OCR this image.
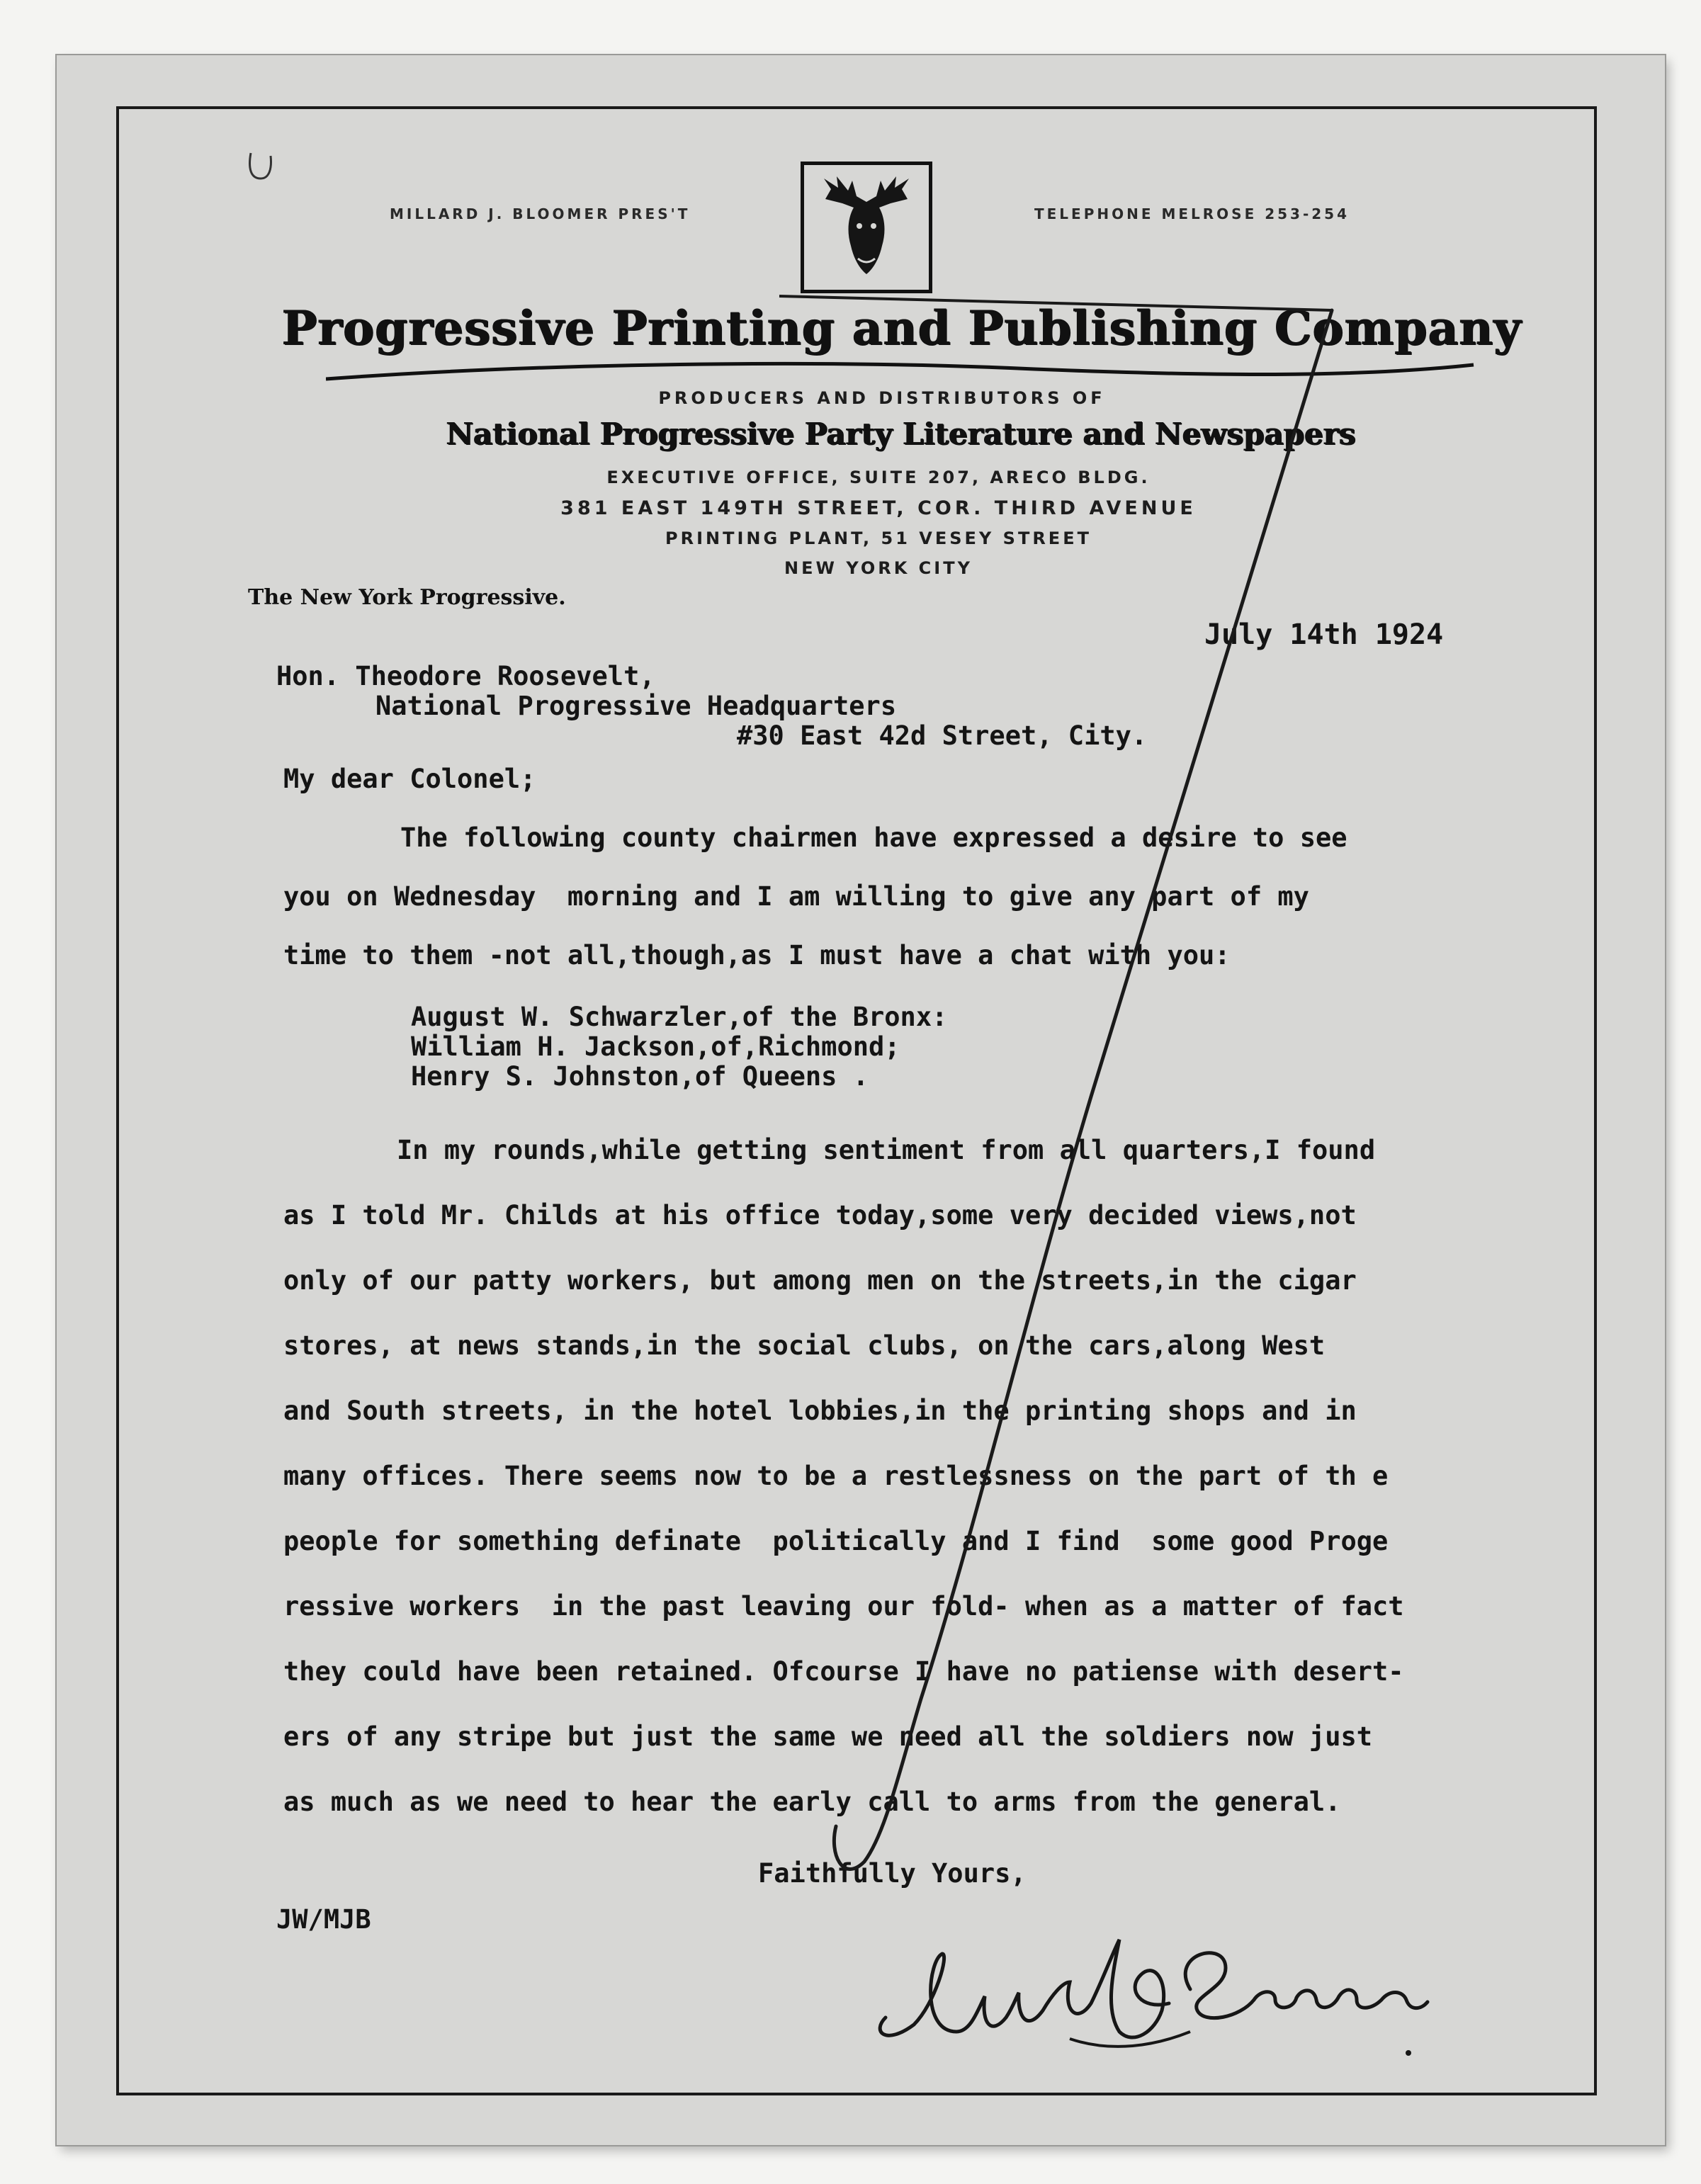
MILLARD J. BLOOMER PRES'T	TELEPHONE MELROSE 253-254
Progressive Printing and Publishing Company
PRODUCERS AND DISTRIBUTORS OF
National Progressive Party Literature and Newspapers
EXECUTIVE OFFICE, SUITE 207, ARECO BLDG.
381 EAST 149TH STREET, COR. THIRD AVENUE
PRINTING PLANT, 51 VESEY STREET
NEW YORK CITY
The New York Progressive.
July 14th 1924
Hon. Theodore Roosevelt,
National Progressive Headquarters
#30 East 42d Street, City.
My dear Colonel;
The following county chairmen have expressed a desire to see
you on Wednesday  morning and I am willing to give any part of my
time to them -not all,though,as I must have a chat with you:
August W. Schwarzler,of the Bronx:
William H. Jackson,of,Richmond;
Henry S. Johnston,of Queens .
In my rounds,while getting sentiment from all quarters,I found
as I told Mr. Childs at his office today,some very decided views,not
only of our patty workers, but among men on the streets,in the cigar
stores, at news stands,in the social clubs, on the cars,along West
and South streets, in the hotel lobbies,in the printing shops and in
many offices. There seems now to be a restlessness on the part of th e
people for something definate  politically and I find  some good Proge
ressive workers  in the past leaving our fold- when as a matter of fact
they could have been retained. Ofcourse I have no patiense with desert-
ers of any stripe but just the same we need all the soldiers now just
as much as we need to hear the early call to arms from the general.
Faithfully Yours,
JW/MJB
